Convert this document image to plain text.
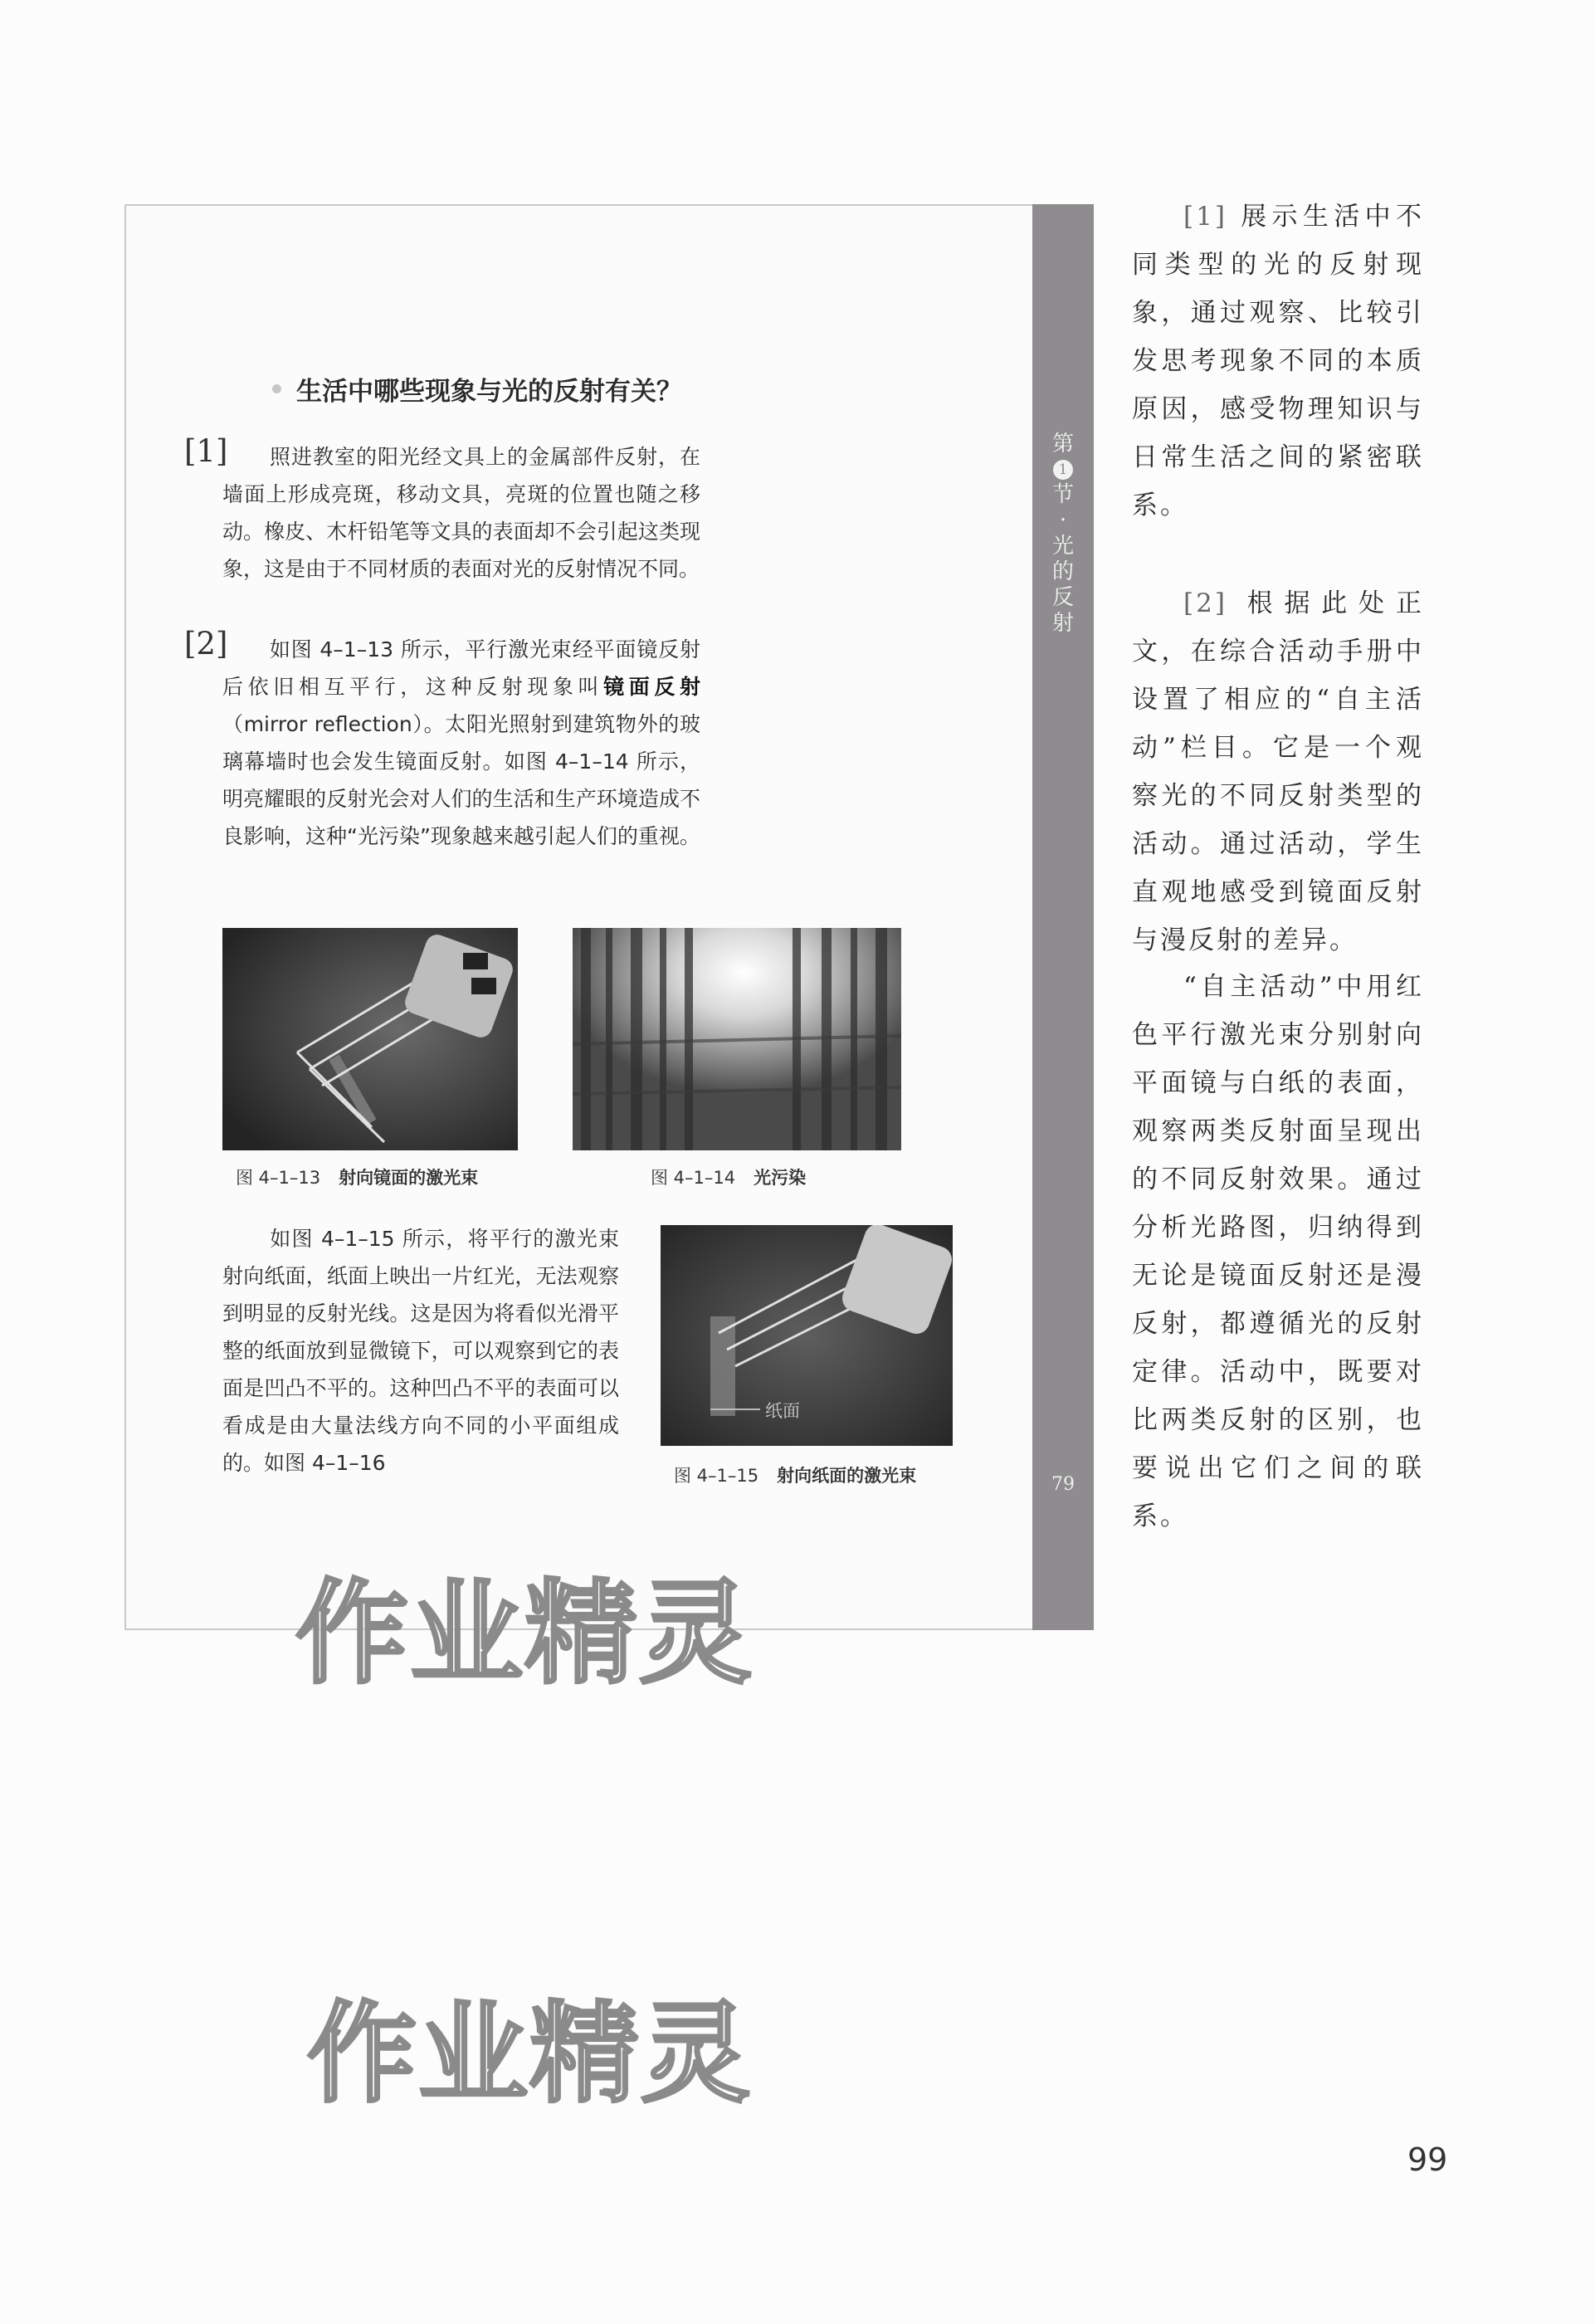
第
1
节
·
光
的
反
射
79
生活中哪些现象与光的反射有关？
[1]	照进教室的阳光经文具上的金属部件反射，在墙面上形成亮斑，移动文具，亮斑的位置也随之移动。橡皮、木杆铅笔等文具的表面却不会引起这类现象，这是由于不同材质的表面对光的反射情况不同。

[2]	如图 4–1–13 所示，平行激光束经平面镜反射后依旧相互平行，这种反射现象叫镜面反射（mirror reflection）。太阳光照射到建筑物外的玻璃幕墙时也会发生镜面反射。如图 4–1–14 所示，明亮耀眼的反射光会对人们的生活和生产环境造成不良影响，这种“光污染”现象越来越引起人们的重视。

图 4–1–13 射向镜面的激光束	图 4–1–14 光污染

如图 4–1–15 所示，将平行的激光束射向纸面，纸面上映出一片红光，无法观察到明显的反射光线。这是因为将看似光滑平整的纸面放到显微镜下，可以观察到它的表面是凹凸不平的。这种凹凸不平的表面可以看成是由大量法线方向不同的小平面组成的。如图 4–1–16

纸面
图 4–1–15 射向纸面的激光束

[1] 展示生活中不同类型的光的反射现象，通过观察、比较引发思考现象不同的本质原因，感受物理知识与日常生活之间的紧密联系。

[2] 根据此处正文，在综合活动手册中设置了相应的“自主活动”栏目。它是一个观察光的不同反射类型的活动。通过活动，学生直观地感受到镜面反射与漫反射的差异。

“自主活动”中用红色平行激光束分别射向平面镜与白纸的表面，观察两类反射面呈现出的不同反射效果。通过分析光路图，归纳得到无论是镜面反射还是漫反射，都遵循光的反射定律。活动中，既要对比两类反射的区别，也要说出它们之间的联系。

作业精灵
作业精灵
99
